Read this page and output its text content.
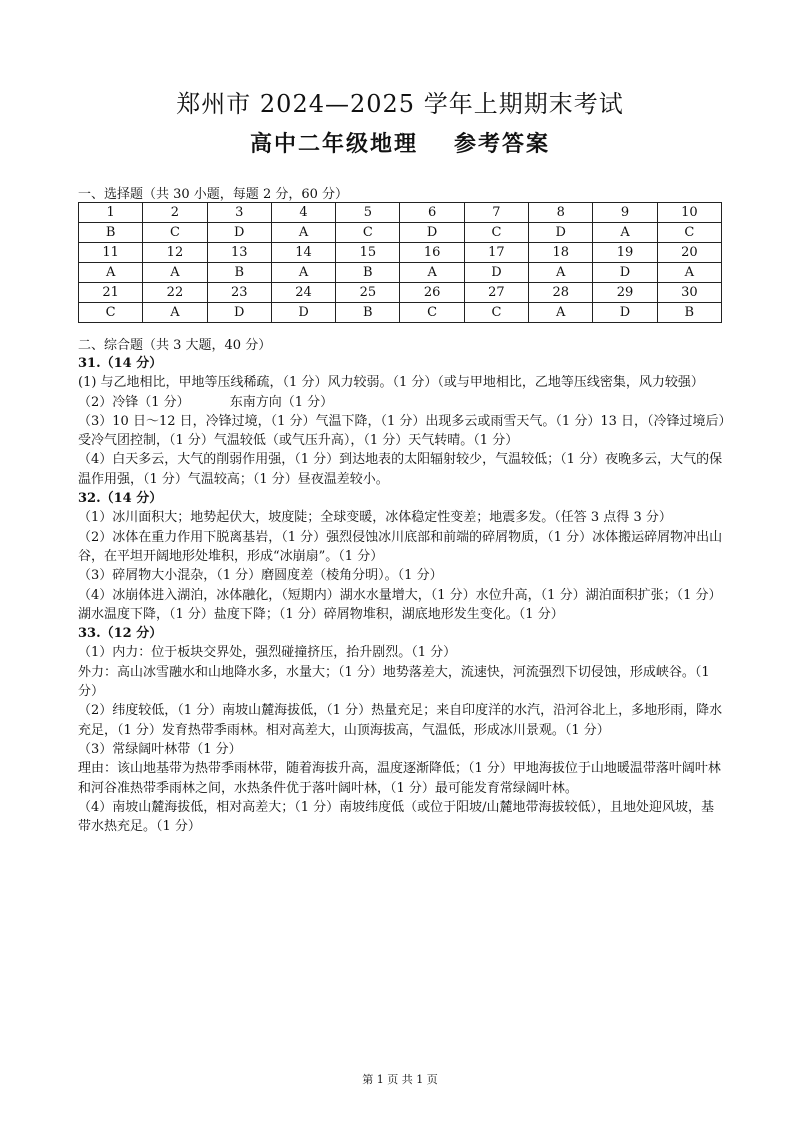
郑州市 2024—2025 学年上期期末考试
高中二年级地理 参考答案
一、选择题（共 30 小题，每题 2 分，60 分）
1	2	3	4	5	6	7	8	9	10
B	C	D	A	C	D	C	D	A	C
11	12	13	14	15	16	17	18	19	20
A	A	B	A	B	A	D	A	D	A
21	22	23	24	25	26	27	28	29	30
C	A	D	D	B	C	C	A	D	B
二、综合题（共 3 大题，40 分）

31.（14 分）

(1) 与乙地相比，甲地等压线稀疏，（1 分）风力较弱。（1 分）（或与甲地相比，乙地等压线密集，风力较强）

（2）冷锋（1 分）	东南方向（1 分）

（3）10 日～12 日，冷锋过境，（1 分）气温下降，（1 分）出现多云或雨雪天气。（1 分）13 日，（冷锋过境后）受冷气团控制，（1 分）气温较低（或气压升高），（1 分）天气转晴。（1 分）

（4）白天多云，大气的削弱作用强，（1 分）到达地表的太阳辐射较少，气温较低；（1 分）夜晚多云，大气的保温作用强，（1 分）气温较高；（1 分）昼夜温差较小。

32.（14 分）

（1）冰川面积大；地势起伏大，坡度陡；全球变暖，冰体稳定性变差；地震多发。（任答 3 点得 3 分）

（2）冰体在重力作用下脱离基岩，（1 分）强烈侵蚀冰川底部和前端的碎屑物质，（1 分）冰体搬运碎屑物冲出山谷，在平坦开阔地形处堆积，形成“冰崩扇”。（1 分）

（3）碎屑物大小混杂，（1 分）磨圆度差（棱角分明）。（1 分）

（4）冰崩体进入湖泊，冰体融化，（短期内）湖水水量增大，（1 分）水位升高，（1 分）湖泊面积扩张；（1 分）湖水温度下降，（1 分）盐度下降；（1 分）碎屑物堆积，湖底地形发生变化。（1 分）

33.（12 分）

（1）内力：位于板块交界处，强烈碰撞挤压，抬升剧烈。（1 分）

外力：高山冰雪融水和山地降水多，水量大；（1 分）地势落差大，流速快，河流强烈下切侵蚀，形成峡谷。（1 分）

（2）纬度较低，（1 分）南坡山麓海拔低，（1 分）热量充足；来自印度洋的水汽，沿河谷北上，多地形雨，降水充足，（1 分）发育热带季雨林。相对高差大，山顶海拔高，气温低，形成冰川景观。（1 分）

（3）常绿阔叶林带（1 分）

理由：该山地基带为热带季雨林带，随着海拔升高，温度逐渐降低；（1 分）甲地海拔位于山地暖温带落叶阔叶林和河谷准热带季雨林之间，水热条件优于落叶阔叶林，（1 分）最可能发育常绿阔叶林。

（4）南坡山麓海拔低，相对高差大；（1 分）南坡纬度低（或位于阳坡/山麓地带海拔较低），且地处迎风坡，基带水热充足。（1 分）

第 1 页 共 1 页
